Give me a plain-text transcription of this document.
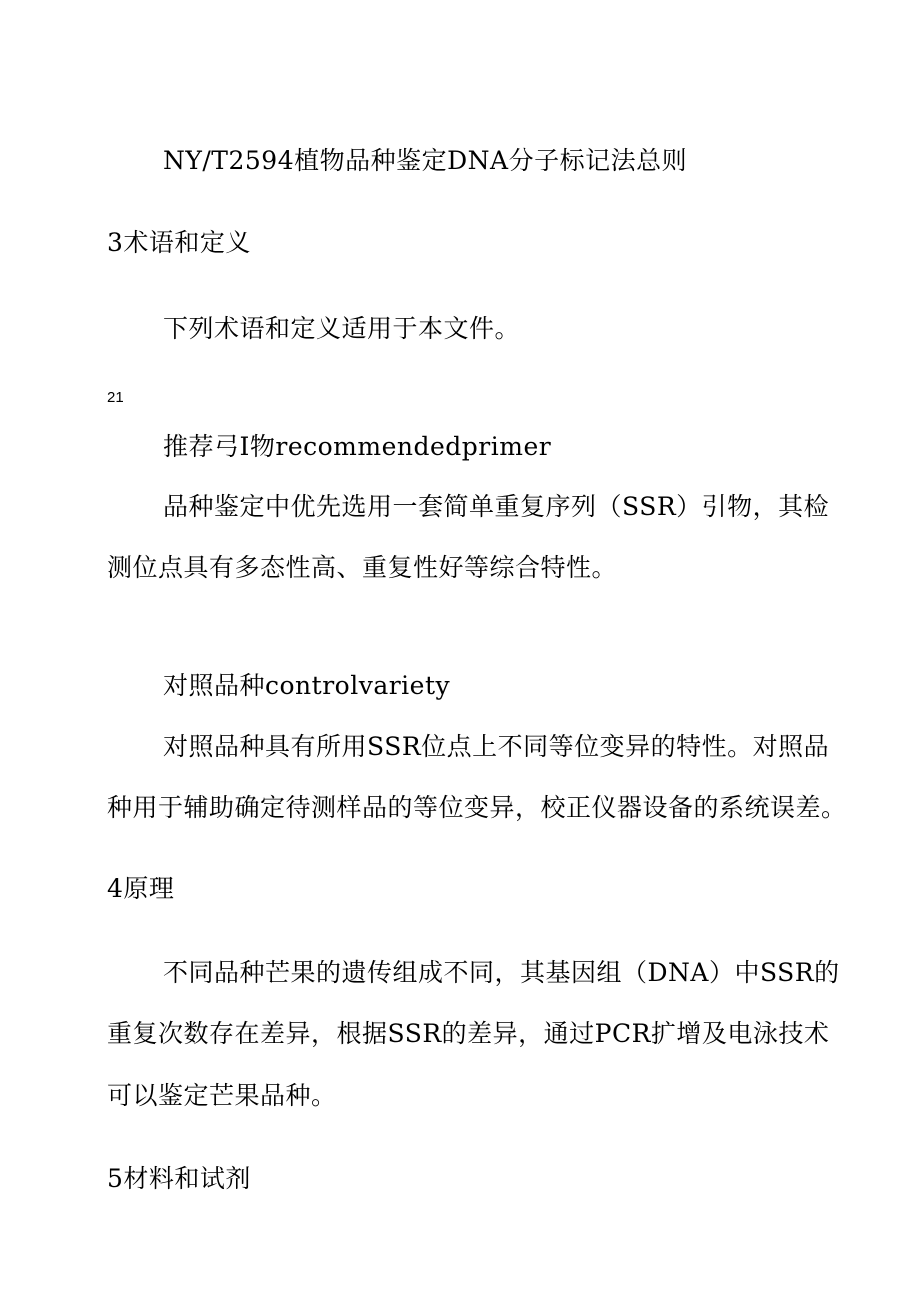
NY/T2594植物品种鉴定DNA分子标记法总则
3术语和定义
下列术语和定义适用于本文件。
21
推荐弓I物recommendedprimer
品种鉴定中优先选用一套简单重复序列（SSR）引物，其检
测位点具有多态性高、重复性好等综合特性。
对照品种controlvariety
对照品种具有所用SSR位点上不同等位变异的特性。对照品
种用于辅助确定待测样品的等位变异，校正仪器设备的系统误差。
4原理
不同品种芒果的遗传组成不同，其基因组（DNA）中SSR的
重复次数存在差异，根据SSR的差异，通过PCR扩增及电泳技术
可以鉴定芒果品种。
5材料和试剂
